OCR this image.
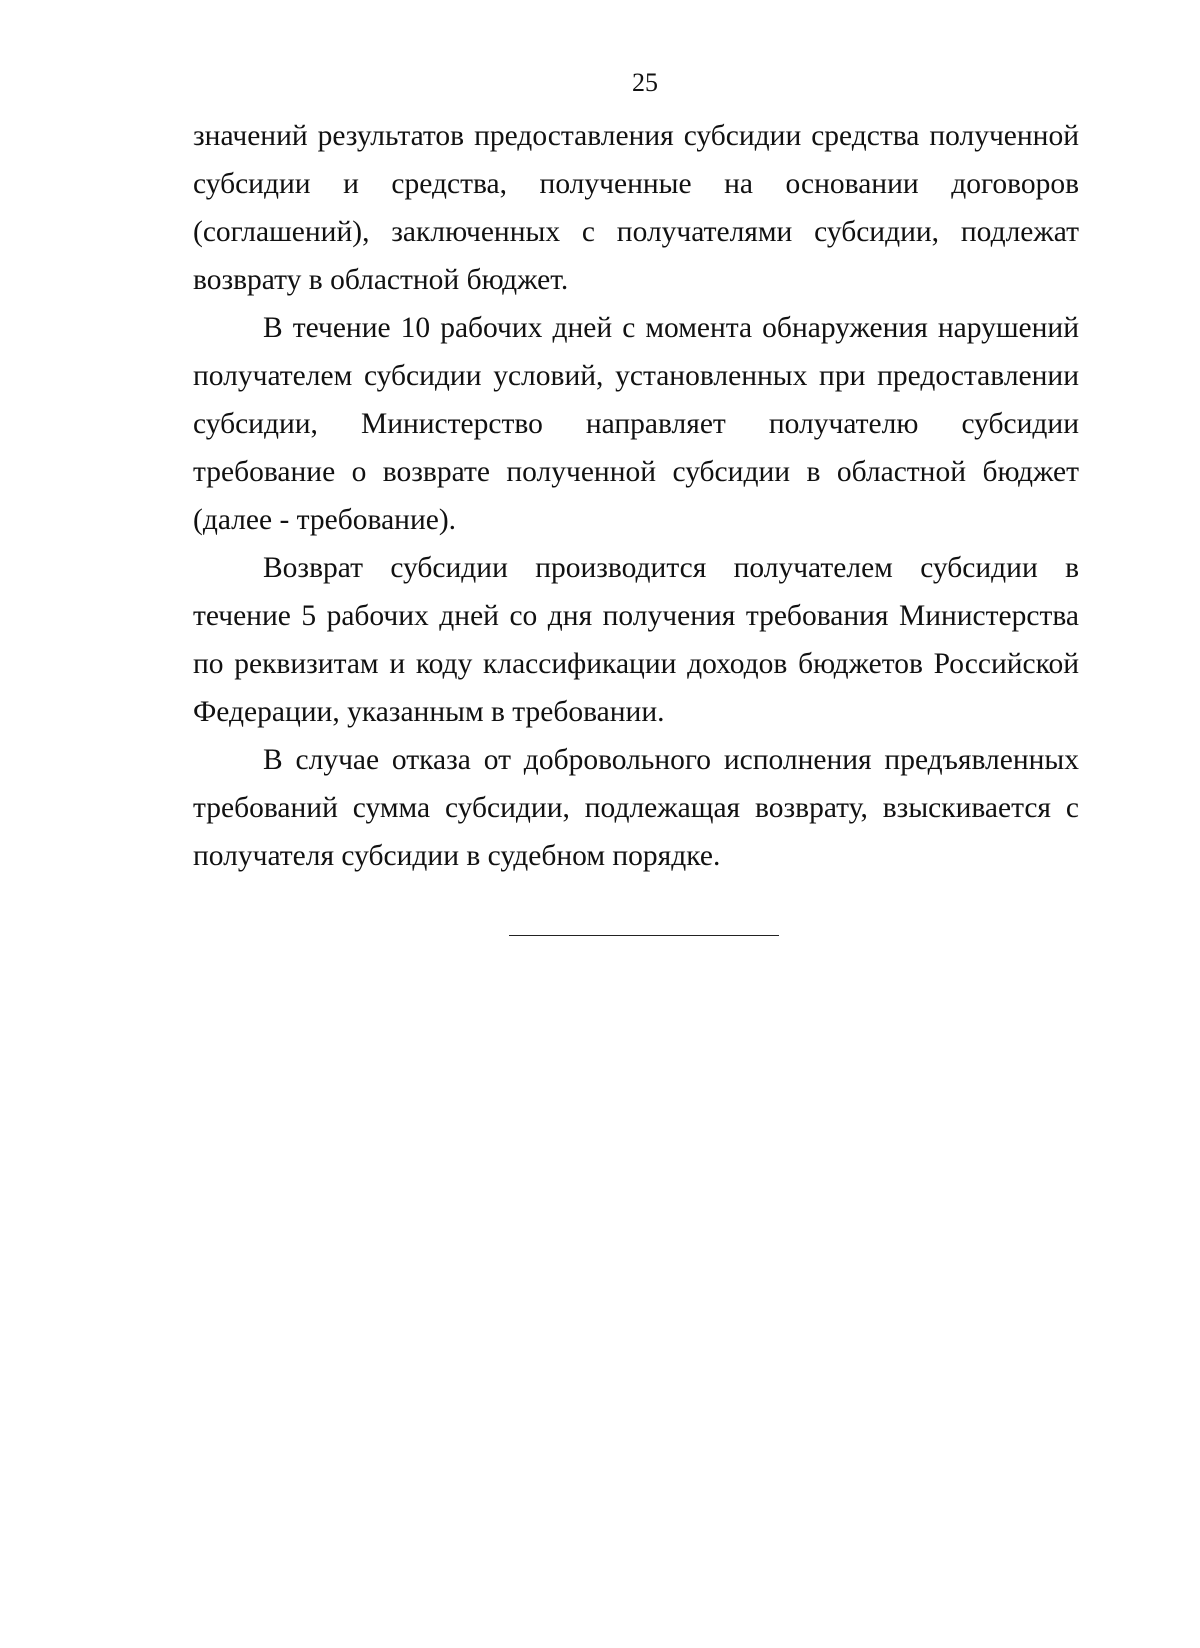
25

значений результатов предоставления субсидии средства полученной субсидии и средства, полученные на основании договоров (соглашений), заключенных с получателями субсидии, подлежат возврату в областной бюджет.

В течение 10 рабочих дней с момента обнаружения нарушений получателем субсидии условий, установленных при предоставлении субсидии, Министерство направляет получателю субсидии требование о возврате полученной субсидии в областной бюджет (далее - требование).

Возврат субсидии производится получателем субсидии в течение 5 рабочих дней со дня получения требования Министерства по реквизитам и коду классификации доходов бюджетов Российской Федерации, указанным в требовании.

В случае отказа от добровольного исполнения предъявленных требований сумма субсидии, подлежащая возврату, взыскивается с получателя субсидии в судебном порядке.
